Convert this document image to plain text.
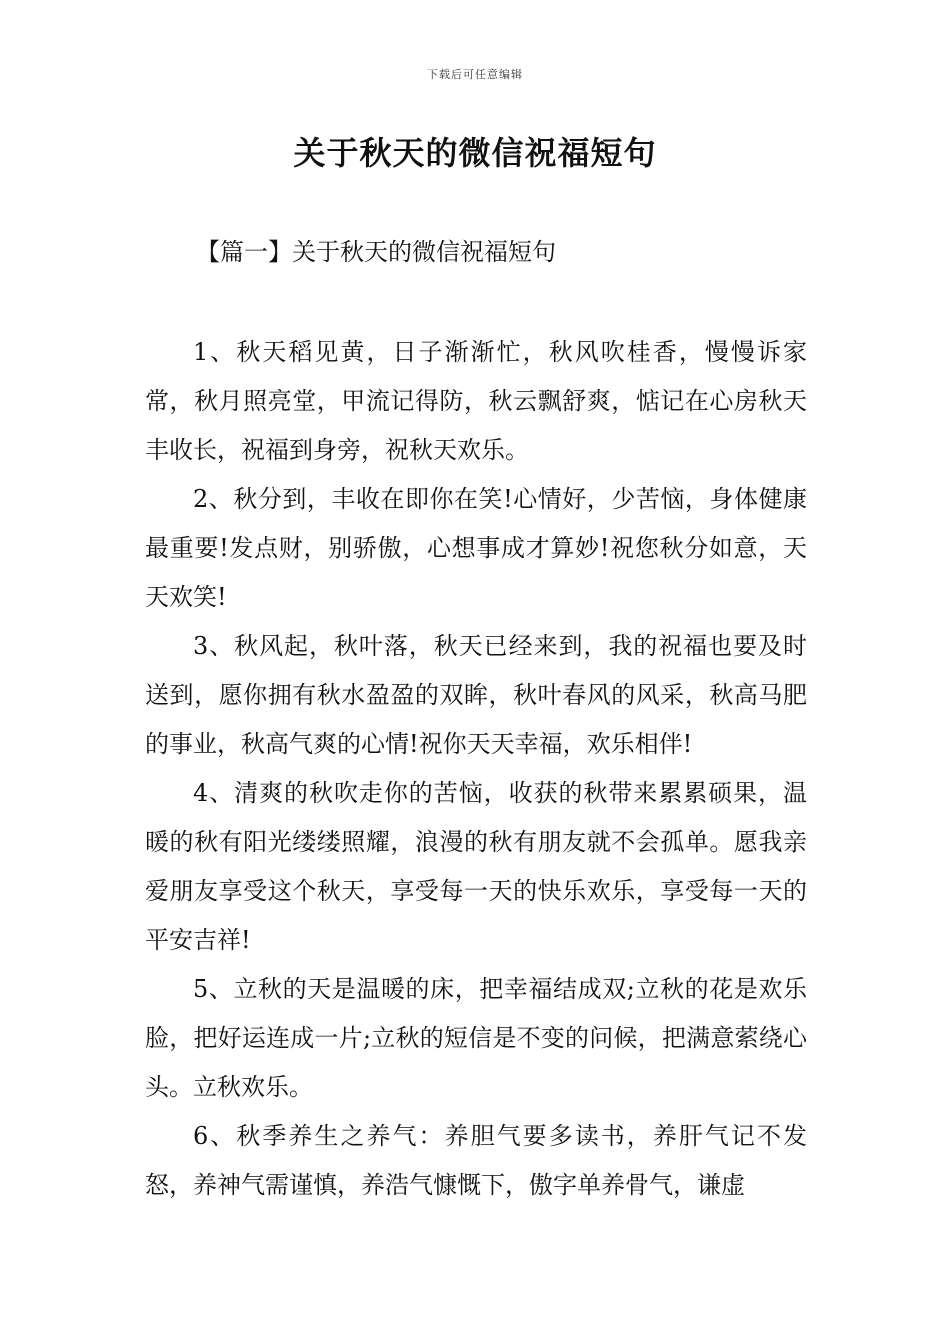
下载后可任意编辑
关于秋天的微信祝福短句
【篇一】关于秋天的微信祝福短句

1、秋天稻见黄，日子渐渐忙，秋风吹桂香，慢慢诉家常，秋月照亮堂，甲流记得防，秋云飘舒爽，惦记在心房秋天丰收长，祝福到身旁，祝秋天欢乐。

2、秋分到，丰收在即你在笑!心情好，少苦恼，身体健康最重要!发点财，别骄傲，心想事成才算妙!祝您秋分如意，天天欢笑!

3、秋风起，秋叶落，秋天已经来到，我的祝福也要及时送到，愿你拥有秋水盈盈的双眸，秋叶春风的风采，秋高马肥的事业，秋高气爽的心情!祝你天天幸福，欢乐相伴!

4、清爽的秋吹走你的苦恼，收获的秋带来累累硕果，温暖的秋有阳光缕缕照耀，浪漫的秋有朋友就不会孤单。愿我亲爱朋友享受这个秋天，享受每一天的快乐欢乐，享受每一天的平安吉祥!

5、立秋的天是温暖的床，把幸福结成双;立秋的花是欢乐脸，把好运连成一片;立秋的短信是不变的问候，把满意萦绕心头。立秋欢乐。

6、秋季养生之养气：养胆气要多读书，养肝气记不发怒，养神气需谨慎，养浩气慷慨下，傲字单养骨气，谦虚
